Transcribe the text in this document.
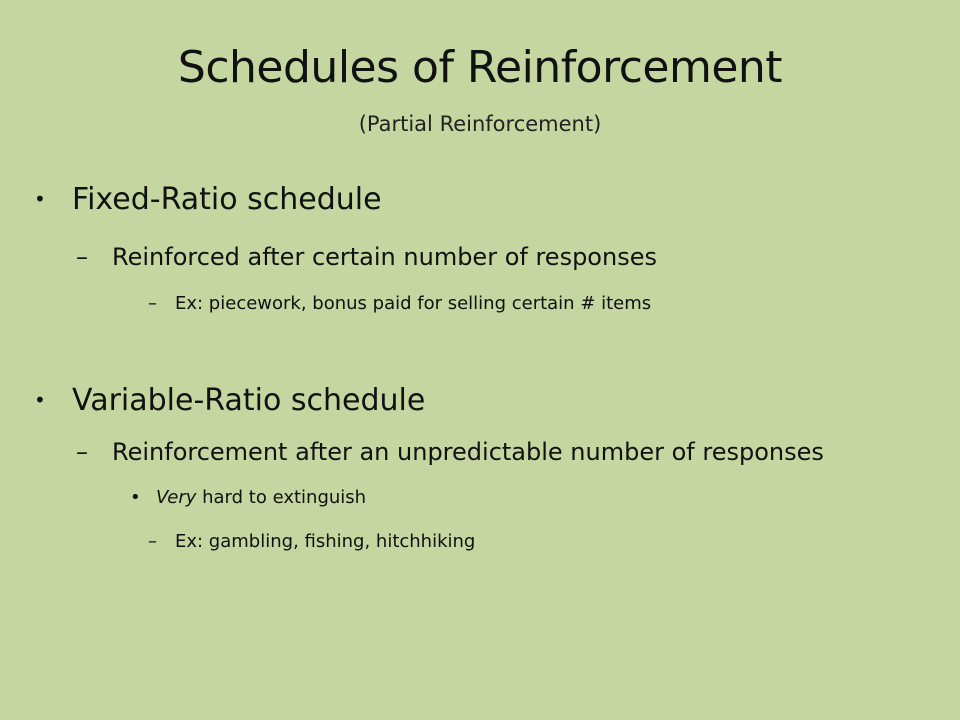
Schedules of Reinforcement
(Partial Reinforcement)
• Fixed-Ratio schedule
– Reinforced after certain number of responses
– Ex: piecework, bonus paid for selling certain # items
• Variable-Ratio schedule
– Reinforcement after an unpredictable number of responses
• Very hard to extinguish
– Ex: gambling, fishing, hitchhiking
